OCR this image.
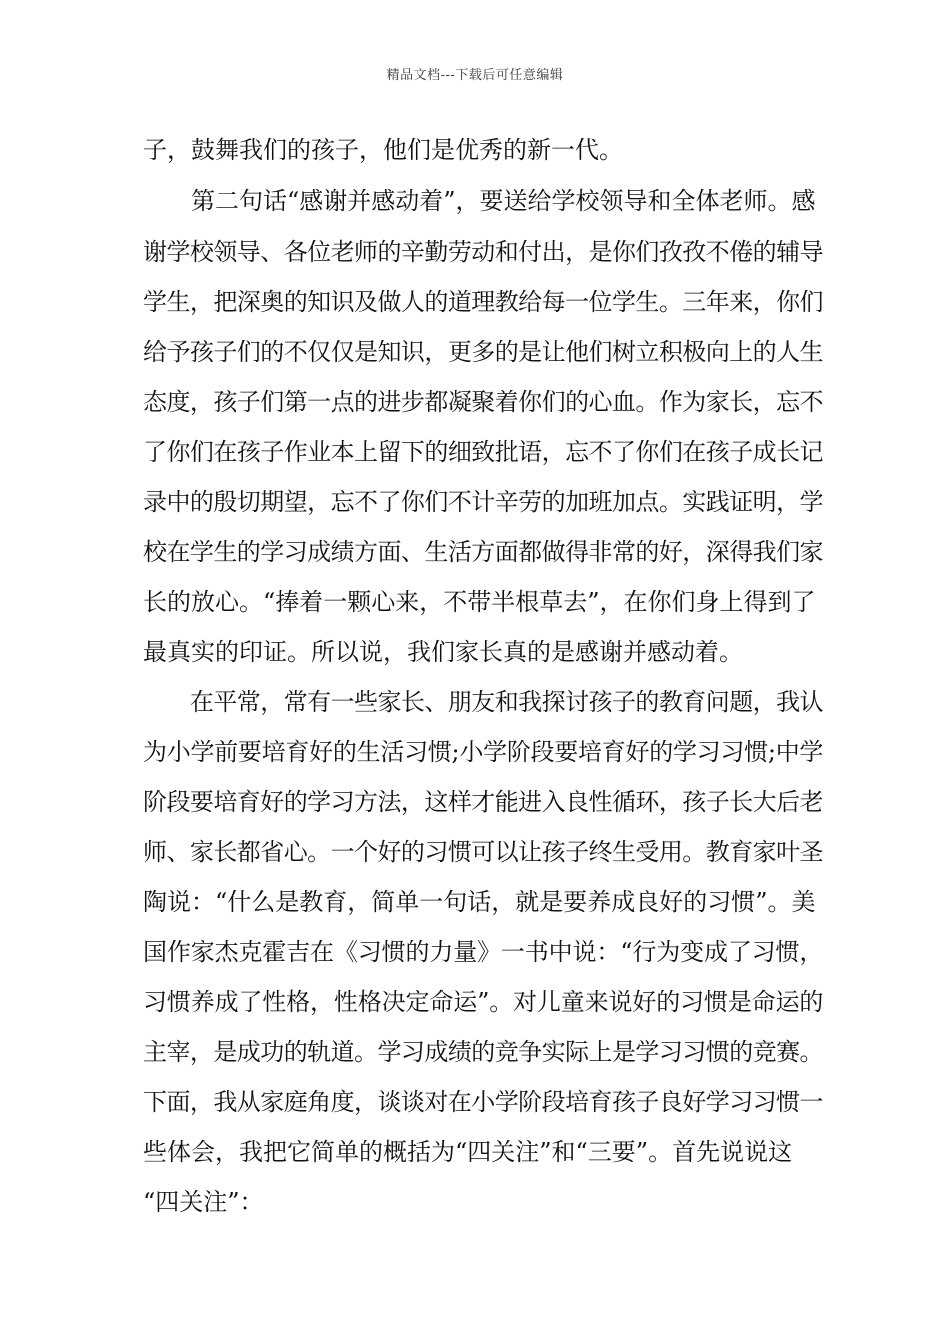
精品文档---下载后可任意编辑
子，鼓舞我们的孩子，他们是优秀的新一代。
　　第二句话“感谢并感动着”，要送给学校领导和全体老师。感
谢学校领导、各位老师的辛勤劳动和付出，是你们孜孜不倦的辅导
学生，把深奥的知识及做人的道理教给每一位学生。三年来，你们
给予孩子们的不仅仅是知识，更多的是让他们树立积极向上的人生
态度，孩子们第一点的进步都凝聚着你们的心血。作为家长，忘不
了你们在孩子作业本上留下的细致批语，忘不了你们在孩子成长记
录中的殷切期望，忘不了你们不计辛劳的加班加点。实践证明，学
校在学生的学习成绩方面、生活方面都做得非常的好，深得我们家
长的放心。“捧着一颗心来，不带半根草去”，在你们身上得到了
最真实的印证。所以说，我们家长真的是感谢并感动着。
　　在平常，常有一些家长、朋友和我探讨孩子的教育问题，我认
为小学前要培育好的生活习惯;小学阶段要培育好的学习习惯;中学
阶段要培育好的学习方法，这样才能进入良性循环，孩子长大后老
师、家长都省心。一个好的习惯可以让孩子终生受用。教育家叶圣
陶说：“什么是教育，简单一句话，就是要养成良好的习惯”。美
国作家杰克霍吉在《习惯的力量》一书中说：“行为变成了习惯，
习惯养成了性格，性格决定命运”。对儿童来说好的习惯是命运的
主宰，是成功的轨道。学习成绩的竞争实际上是学习习惯的竞赛。
下面，我从家庭角度，谈谈对在小学阶段培育孩子良好学习习惯一
些体会，我把它简单的概括为“四关注”和“三要”。首先说说这
“四关注”：
